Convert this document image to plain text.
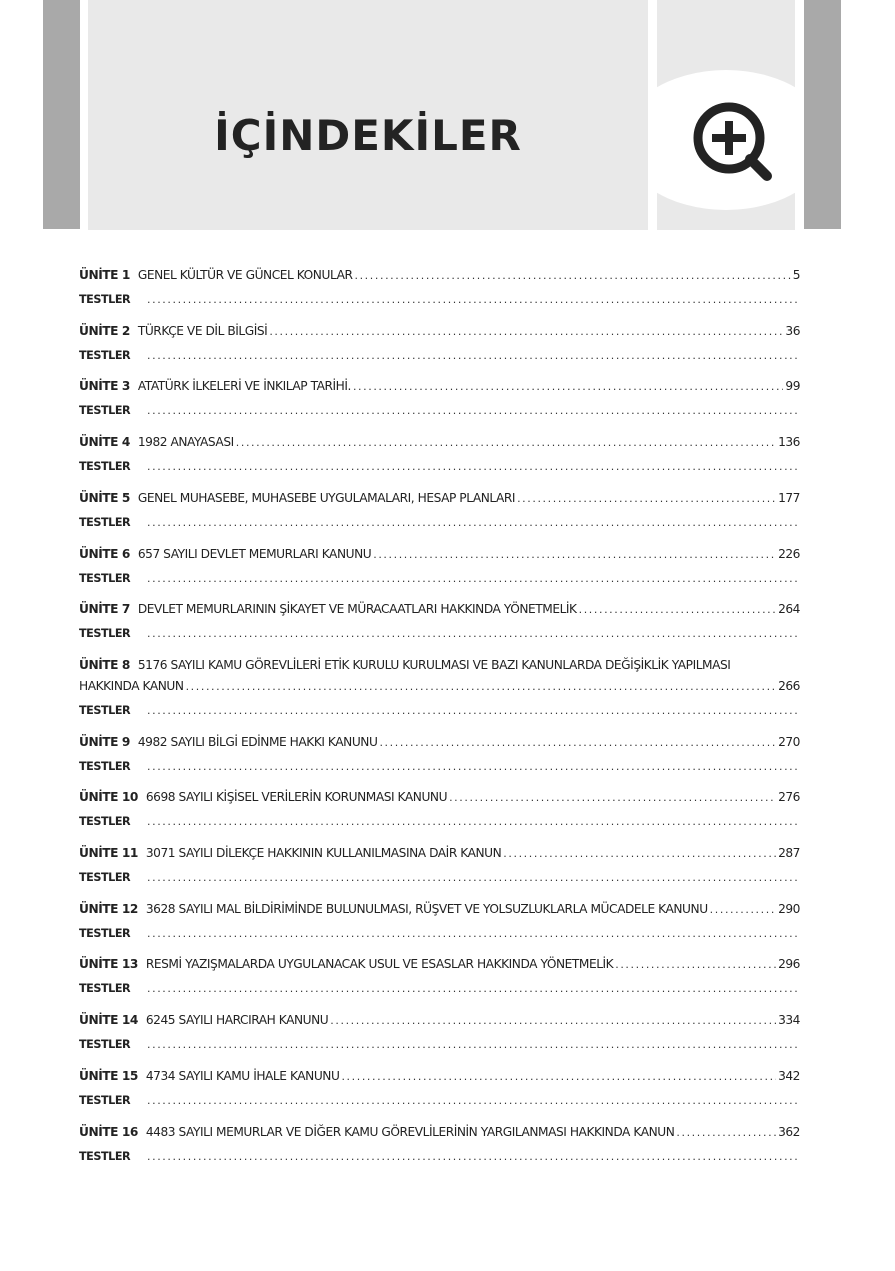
İÇİNDEKİLER
ÜNİTE 1 GENEL KÜLTÜR VE GÜNCEL KONULAR .....	5
TESTLER
.....
ÜNİTE 2 TÜRKÇE VE DİL BİLGİSİ .....	36
TESTLER
.....
ÜNİTE 3 ATATÜRK İLKELERİ VE İNKILAP TARİHİ. .....	99
TESTLER
.....
ÜNİTE 4 1982 ANAYASASI .....	136
TESTLER
.....
ÜNİTE 5 GENEL MUHASEBE, MUHASEBE UYGULAMALARI, HESAP PLANLARI .....	177
TESTLER
.....
ÜNİTE 6 657 SAYILI DEVLET MEMURLARI KANUNU .....	226
TESTLER
.....
ÜNİTE 7 DEVLET MEMURLARININ ŞİKAYET VE MÜRACAATLARI HAKKINDA YÖNETMELİK .....	264
TESTLER
.....
ÜNİTE 8 5176 SAYILI KAMU GÖREVLİLERİ ETİK KURULU KURULMASI VE BAZI KANUNLARDA DEĞİŞİKLİK YAPILMASI
HAKKINDA KANUN .....	266
TESTLER
.....
ÜNİTE 9 4982 SAYILI BİLGİ EDİNME HAKKI KANUNU .....	270
TESTLER
.....
ÜNİTE 10 6698 SAYILI KİŞİSEL VERİLERİN KORUNMASI KANUNU .....	276
TESTLER
.....
ÜNİTE 11 3071 SAYILI DİLEKÇE HAKKININ KULLANILMASINA DAİR KANUN .....	287
TESTLER
.....
ÜNİTE 12 3628 SAYILI MAL BİLDİRİMİNDE BULUNULMASI, RÜŞVET VE YOLSUZLUKLARLA MÜCADELE KANUNU .....	290
TESTLER
.....
ÜNİTE 13 RESMİ YAZIŞMALARDA UYGULANACAK USUL VE ESASLAR HAKKINDA YÖNETMELİK .....	296
TESTLER
.....
ÜNİTE 14 6245 SAYILI HARCIRAH KANUNU .....	334
TESTLER
.....
ÜNİTE 15 4734 SAYILI KAMU İHALE KANUNU .....	342
TESTLER
.....
ÜNİTE 16 4483 SAYILI MEMURLAR VE DİĞER KAMU GÖREVLİLERİNİN YARGILANMASI HAKKINDA KANUN .....	362
TESTLER
.....
